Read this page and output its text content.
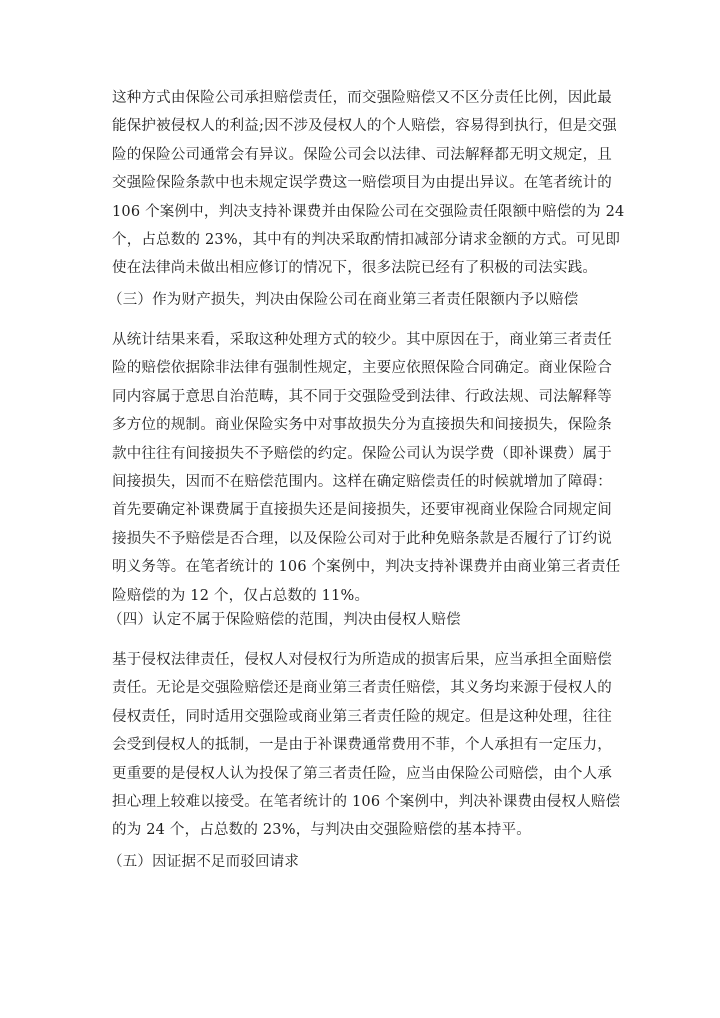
这种方式由保险公司承担赔偿责任，而交强险赔偿又不区分责任比例，因此最
能保护被侵权人的利益;因不涉及侵权人的个人赔偿，容易得到执行，但是交强
险的保险公司通常会有异议。保险公司会以法律、司法解释都无明文规定，且
交强险保险条款中也未规定误学费这一赔偿项目为由提出异议。在笔者统计的
106 个案例中，判决支持补课费并由保险公司在交强险责任限额中赔偿的为 24
个，占总数的 23%，其中有的判决采取酌情扣减部分请求金额的方式。可见即
使在法律尚未做出相应修订的情况下，很多法院已经有了积极的司法实践。
（三）作为财产损失，判决由保险公司在商业第三者责任限额内予以赔偿
从统计结果来看，采取这种处理方式的较少。其中原因在于，商业第三者责任
险的赔偿依据除非法律有强制性规定，主要应依照保险合同确定。商业保险合
同内容属于意思自治范畴，其不同于交强险受到法律、行政法规、司法解释等
多方位的规制。商业保险实务中对事故损失分为直接损失和间接损失，保险条
款中往往有间接损失不予赔偿的约定。保险公司认为误学费（即补课费）属于
间接损失，因而不在赔偿范围内。这样在确定赔偿责任的时候就增加了障碍：
首先要确定补课费属于直接损失还是间接损失，还要审视商业保险合同规定间
接损失不予赔偿是否合理，以及保险公司对于此种免赔条款是否履行了订约说
明义务等。在笔者统计的 106 个案例中，判决支持补课费并由商业第三者责任
险赔偿的为 12 个，仅占总数的 11%。
（四）认定不属于保险赔偿的范围，判决由侵权人赔偿
基于侵权法律责任，侵权人对侵权行为所造成的损害后果，应当承担全面赔偿
责任。无论是交强险赔偿还是商业第三者责任赔偿，其义务均来源于侵权人的
侵权责任，同时适用交强险或商业第三者责任险的规定。但是这种处理，往往
会受到侵权人的抵制，一是由于补课费通常费用不菲，个人承担有一定压力，
更重要的是侵权人认为投保了第三者责任险，应当由保险公司赔偿，由个人承
担心理上较难以接受。在笔者统计的 106 个案例中，判决补课费由侵权人赔偿
的为 24 个，占总数的 23%，与判决由交强险赔偿的基本持平。
（五）因证据不足而驳回请求
